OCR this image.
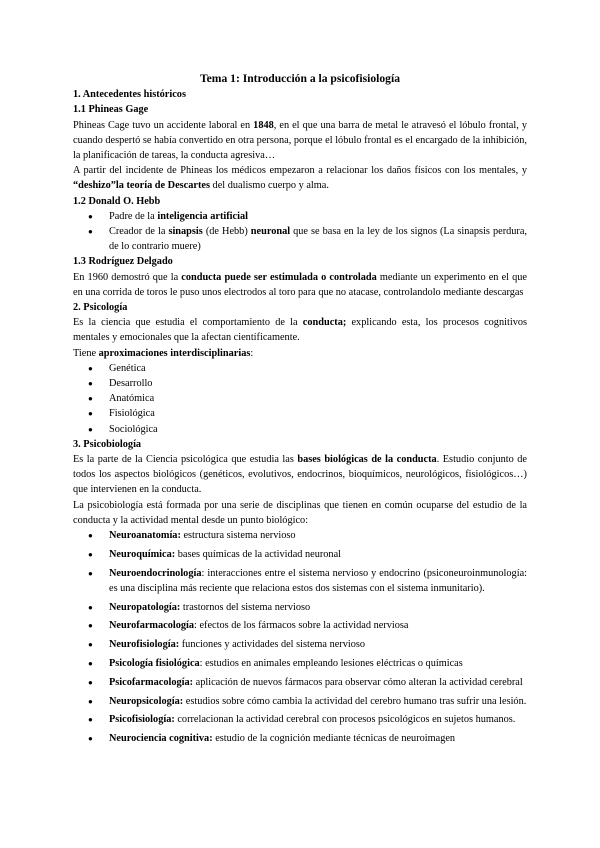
Tema 1: Introducción a la psicofisiología
1. Antecedentes históricos
1.1 Phineas Gage

Phineas Cage tuvo un accidente laboral en 1848, en el que una barra de metal le atravesó el lóbulo frontal, y cuando despertó se había convertido en otra persona, porque el lóbulo frontal es el encargado de la inhibición, la planificación de tareas, la conducta agresiva…

A partir del incidente de Phineas los médicos empezaron a relacionar los daños físicos con los mentales, y “deshizo”la teoría de Descartes del dualismo cuerpo y alma.

1.2 Donald O. Hebb
● Padre de la inteligencia artificial
● Creador de la sinapsis (de Hebb) neuronal que se basa en la ley de los signos (La sinapsis perdura, de lo contrario muere)
1.3 Rodríguez Delgado

En 1960 demostró que la conducta puede ser estimulada o controlada mediante un experimento en el que en una corrida de toros le puso unos electrodos al toro para que no atacase, controlandolo mediante descargas

2. Psicología

Es la ciencia que estudia el comportamiento de la conducta; explicando esta, los procesos cognitivos mentales y emocionales que la afectan científicamente.

Tiene aproximaciones interdisciplinarias:

● Genética
● Desarrollo
● Anatómica
● Fisiológica
● Sociológica
3. Psicobiología

Es la parte de la Ciencia psicológica que estudia las bases biológicas de la conducta. Estudio conjunto de todos los aspectos biológicos (genéticos, evolutivos, endocrinos, bioquímicos, neurológicos, fisiológicos…) que intervienen en la conducta.

La psicobiología está formada por una serie de disciplinas que tienen en común ocuparse del estudio de la conducta y la actividad mental desde un punto biológico:

● Neuroanatomía: estructura sistema nervioso
● Neuroquímica: bases químicas de la actividad neuronal
● Neuroendocrinología: interacciones entre el sistema nervioso y endocrino (psiconeuroinmunología: es una disciplina más reciente que relaciona estos dos sistemas con el sistema inmunitario).
● Neuropatología: trastornos del sistema nervioso
● Neurofarmacología: efectos de los fármacos sobre la actividad nerviosa
● Neurofisiología: funciones y actividades del sistema nervioso
● Psicología fisiológica: estudios en animales empleando lesiones eléctricas o químicas
● Psicofarmacología: aplicación de nuevos fármacos para observar cómo alteran la actividad cerebral
● Neuropsicología: estudios sobre cómo cambia la actividad del cerebro humano tras sufrir una lesión.
● Psicofisiología: correlacionan la actividad cerebral con procesos psicológicos en sujetos humanos.
● Neurociencia cognitiva: estudio de la cognición mediante técnicas de neuroimagen
